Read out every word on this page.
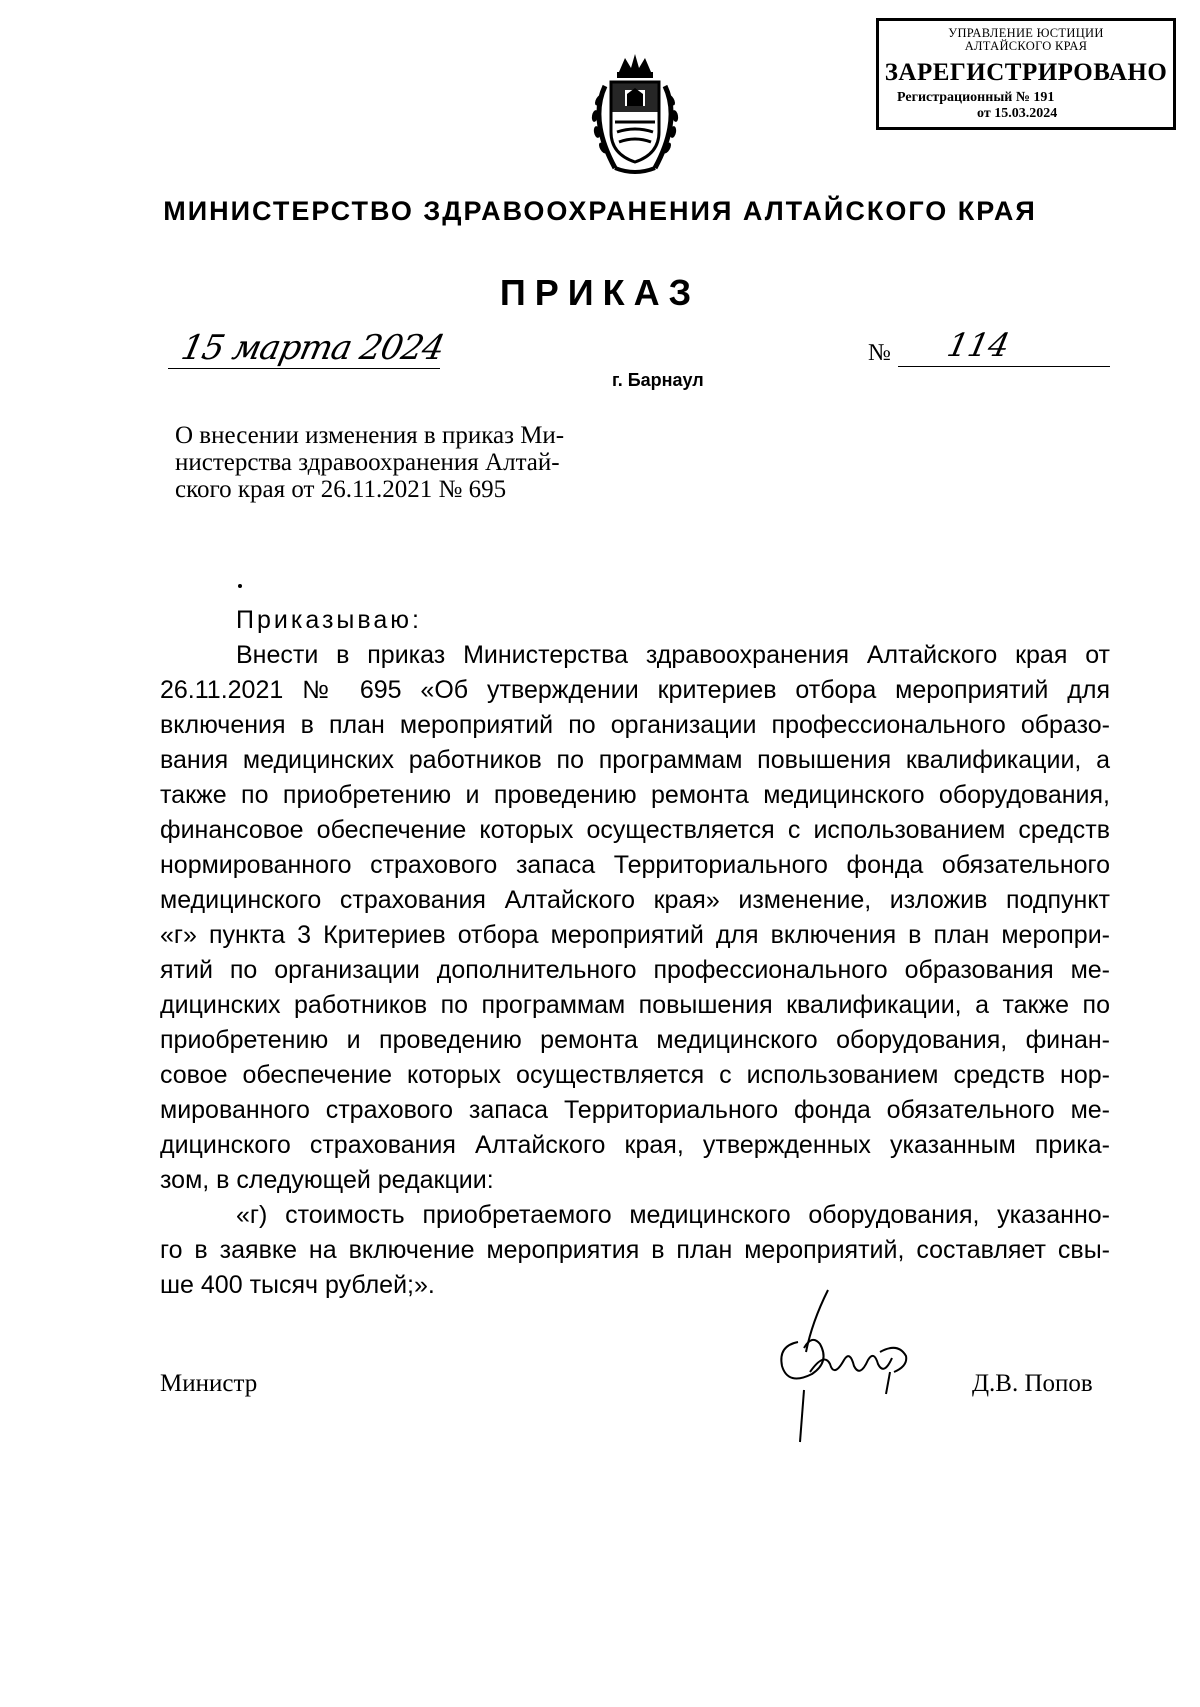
УПРАВЛЕНИЕ ЮСТИЦИИ
АЛТАЙСКОГО КРАЯ
ЗАРЕГИСТРИРОВАНО
Регистрационный № 191
от 15.03.2024
МИНИСТЕРСТВО ЗДРАВООХРАНЕНИЯ АЛТАЙСКОГО КРАЯ
ПРИКАЗ
15 марта 2024
г. Барнаул
№ 114
О внесении изменения в приказ Ми-
нистерства здравоохранения Алтай-
ского края от 26.11.2021 № 695
Приказываю:
Внести в приказ Министерства здравоохранения Алтайского края от
26.11.2021 № 695 «Об утверждении критериев отбора мероприятий для
включения в план мероприятий по организации профессионального образо-
вания медицинских работников по программам повышения квалификации, а
также по приобретению и проведению ремонта медицинского оборудования,
финансовое обеспечение которых осуществляется с использованием средств
нормированного страхового запаса Территориального фонда обязательного
медицинского страхования Алтайского края» изменение, изложив подпункт
«г» пункта 3 Критериев отбора мероприятий для включения в план меропри-
ятий по организации дополнительного профессионального образования ме-
дицинских работников по программам повышения квалификации, а также по
приобретению и проведению ремонта медицинского оборудования, финан-
совое обеспечение которых осуществляется с использованием средств нор-
мированного страхового запаса Территориального фонда обязательного ме-
дицинского страхования Алтайского края, утвержденных указанным прика-
зом, в следующей редакции:
«г) стоимость приобретаемого медицинского оборудования, указанно-
го в заявке на включение мероприятия в план мероприятий, составляет свы-
ше 400 тысяч рублей;».
Министр	Д.В. Попов
